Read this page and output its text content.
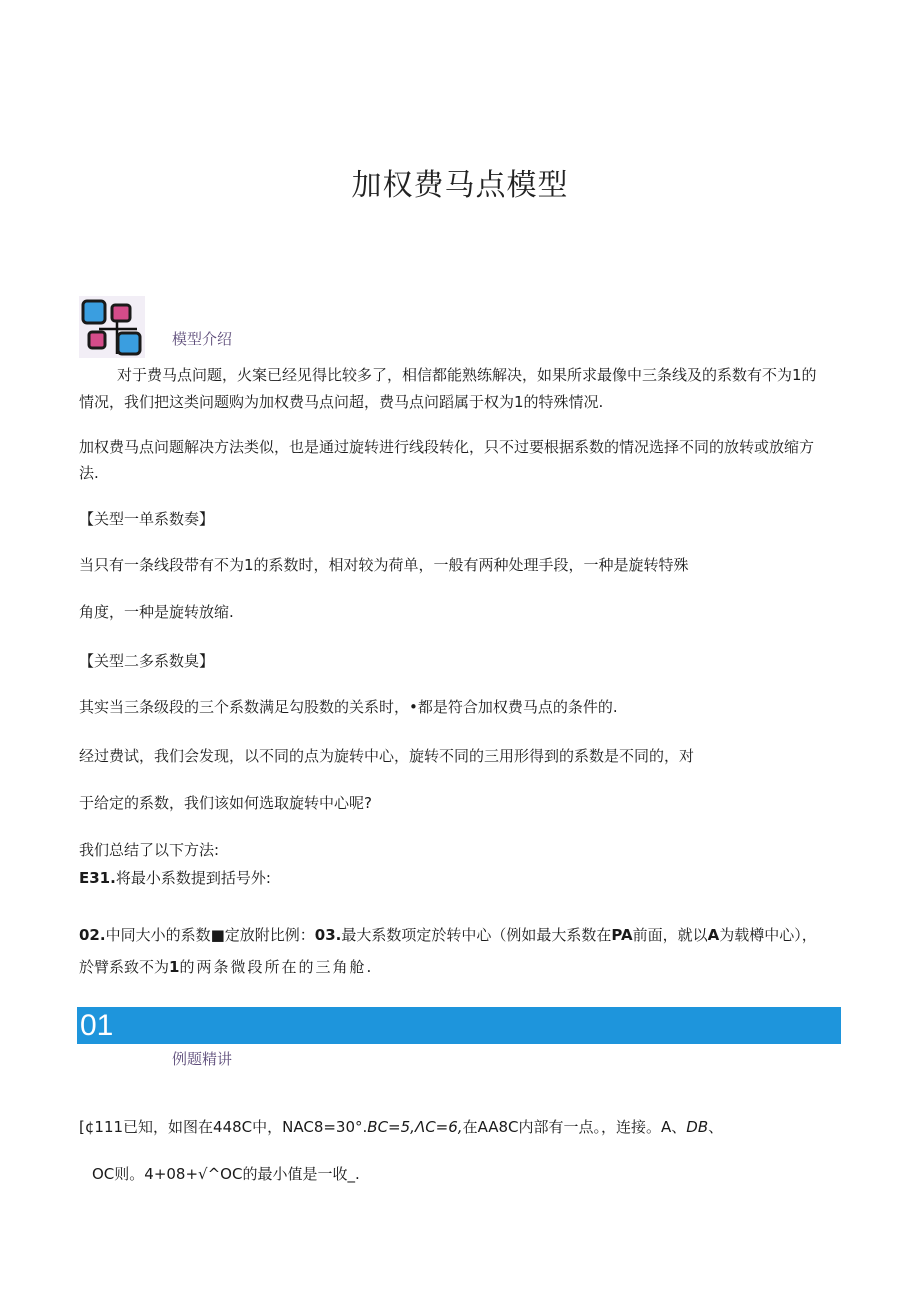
加权费马点模型
模型介绍
对于费马点问题，火案已经见得比较多了，相信都能熟练解决，如果所求最像中三条线及的系数有不为1的
情况，我们把这类问题购为加权费马点问超，费马点问蹈属于权为1的特殊情况.
加权费马点问题解决方法类似，也是通过旋转进行线段转化，只不过要根据系数的情况选择不同的放转或放缩方
法.
【关型一单系数奏】
当只有一条线段带有不为1的系数时，相对较为荷单，一般有两种处理手段，一种是旋转特殊
角度，一种是旋转放缩.
【关型二多系数臭】
其实当三条级段的三个系数满足勾股数的关系时，•都是符合加权费马点的条件的.
经过费试，我们会发现，以不同的点为旋转中心，旋转不同的三用形得到的系数是不同的，对
于给定的系数，我们该如何选取旋转中心呢?
我们总结了以下方法:
E31.将最小系数提到括号外:
02.中同大小的系数■定放附比例：03.最大系数项定於转中心（例如最大系数在PA前面，就以A为载樽中心），
於臂系致不为1的两条微段所在的三角舱.
01
例题精讲
[¢111已知，如图在448C中，NAC8=30°.BC=5,ΛC=6,在AA8C内部有一点。，连接。A、DB、
OC则。4+08+√^OC的最小值是一收_.
